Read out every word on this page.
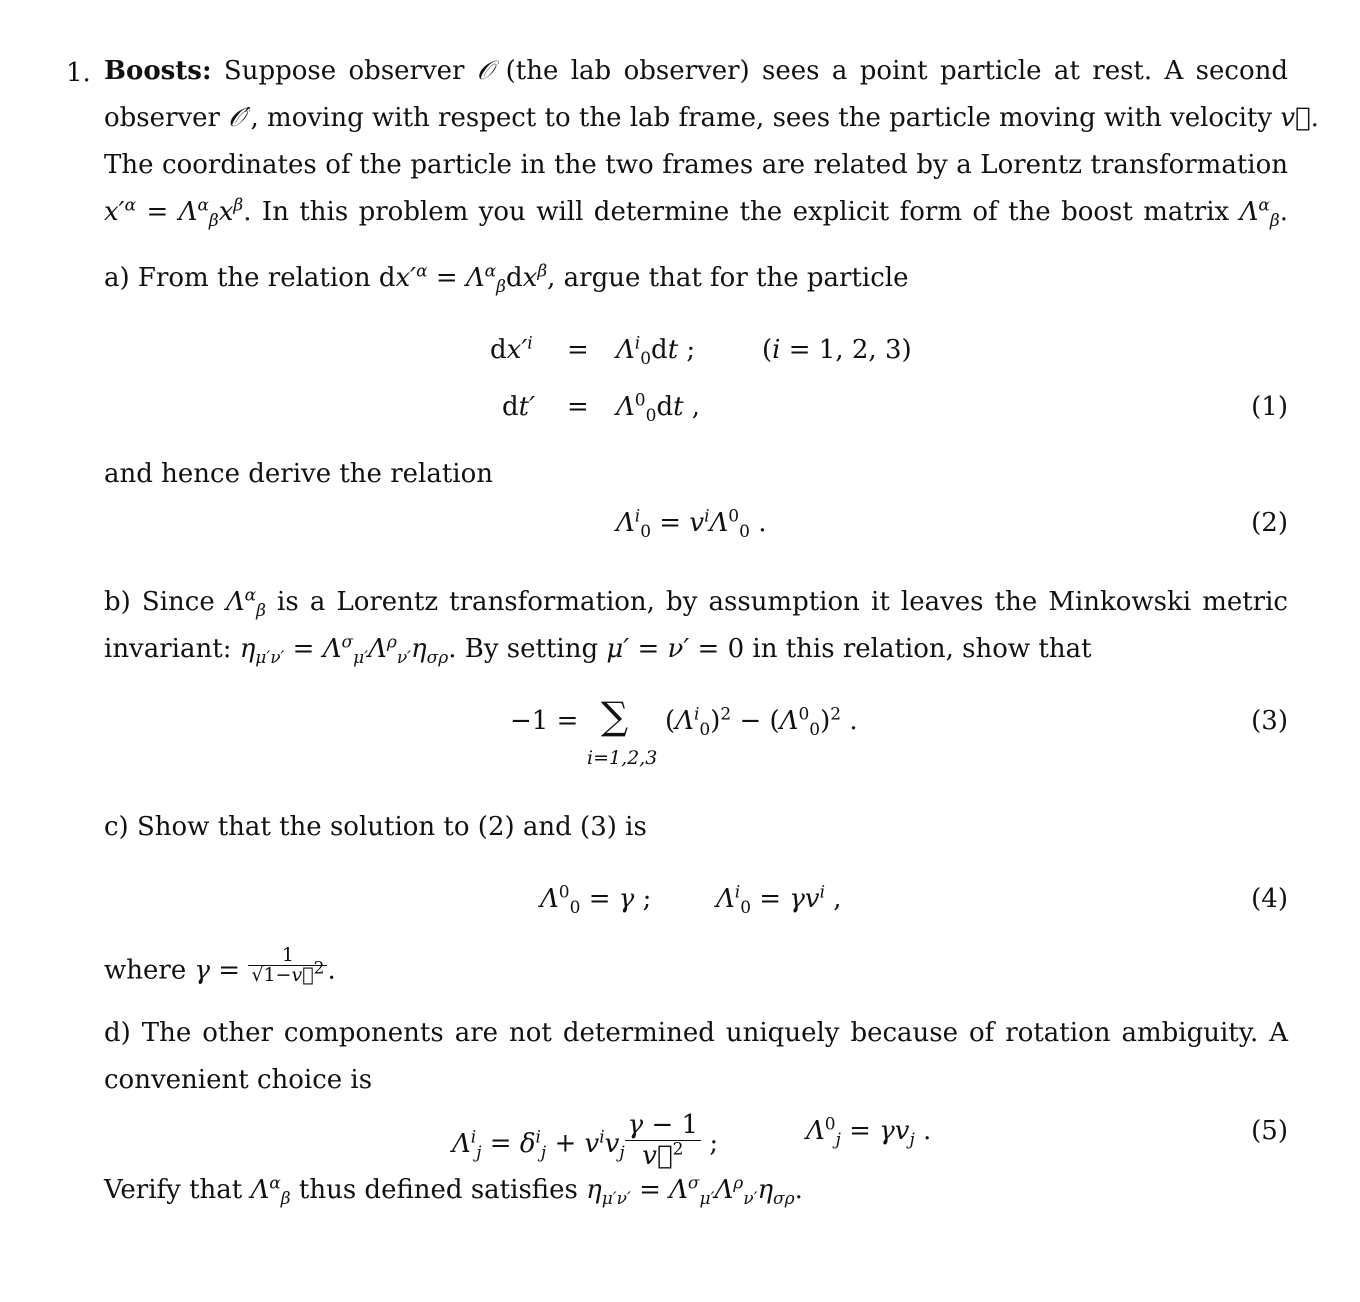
1. Boosts: Suppose observer 𝒪 (the lab observer) sees a point particle at rest. A second
observer 𝒪′, moving with respect to the lab frame, sees the particle moving with velocity v⃗.
The coordinates of the particle in the two frames are related by a Lorentz transformation
$x'^\alpha = \Lambda^\alpha_\beta x^\beta$. In this problem you will determine the explicit form of the boost matrix $\Lambda^\alpha_\beta$.
a) From the relation $dx'^\alpha = \Lambda^\alpha_\beta dx^\beta$, argue that for the particle
$dx'^i = \Lambda^i_0dt$ ;	(i = 1, 2, 3)
$dt' = \Lambda^0_0dt$ ,	(1)
and hence derive the relation
$\Lambda^i_0 = v^i\Lambda^0_0$ .	(2)
b) Since $\Lambda^\alpha_\beta$ is a Lorentz transformation, by assumption it leaves the Minkowski metric
invariant: $\eta_{\mu'\nu'} = \Lambda^\sigma_{\mu'}\Lambda^\rho_{\nu'}\eta_{\sigma\rho}$. By setting μ′ = ν′ = 0 in this relation, show that
−1 = ∑
i=1,2,3
$(\Lambda^i_0)^2 - (\Lambda^0_0)^2$ .	(3)
c) Show that the solution to (2) and (3) is
$\Lambda^0_0 = \gamma$ ; $\Lambda^i_0 = \gamma v^i$ ,	(4)
where $\gamma = \frac{1}{√1-v⃗^2}$ .
d) The other components are not determined uniquely because of rotation ambiguity. A
convenient choice is
$\Lambda^i_j = \delta^i_j + v^iv_j \frac{\gamma - 1}{v⃗^2}$ ;	$\Lambda^0_j = \gamma v_j$ .	(5)
Verify that $\Lambda^\alpha_\beta$ thus defined satisfies $\eta_{\mu'\nu'} = \Lambda^\sigma_{\mu'}\Lambda^\rho_{\nu'}\eta_{\sigma\rho}$.
